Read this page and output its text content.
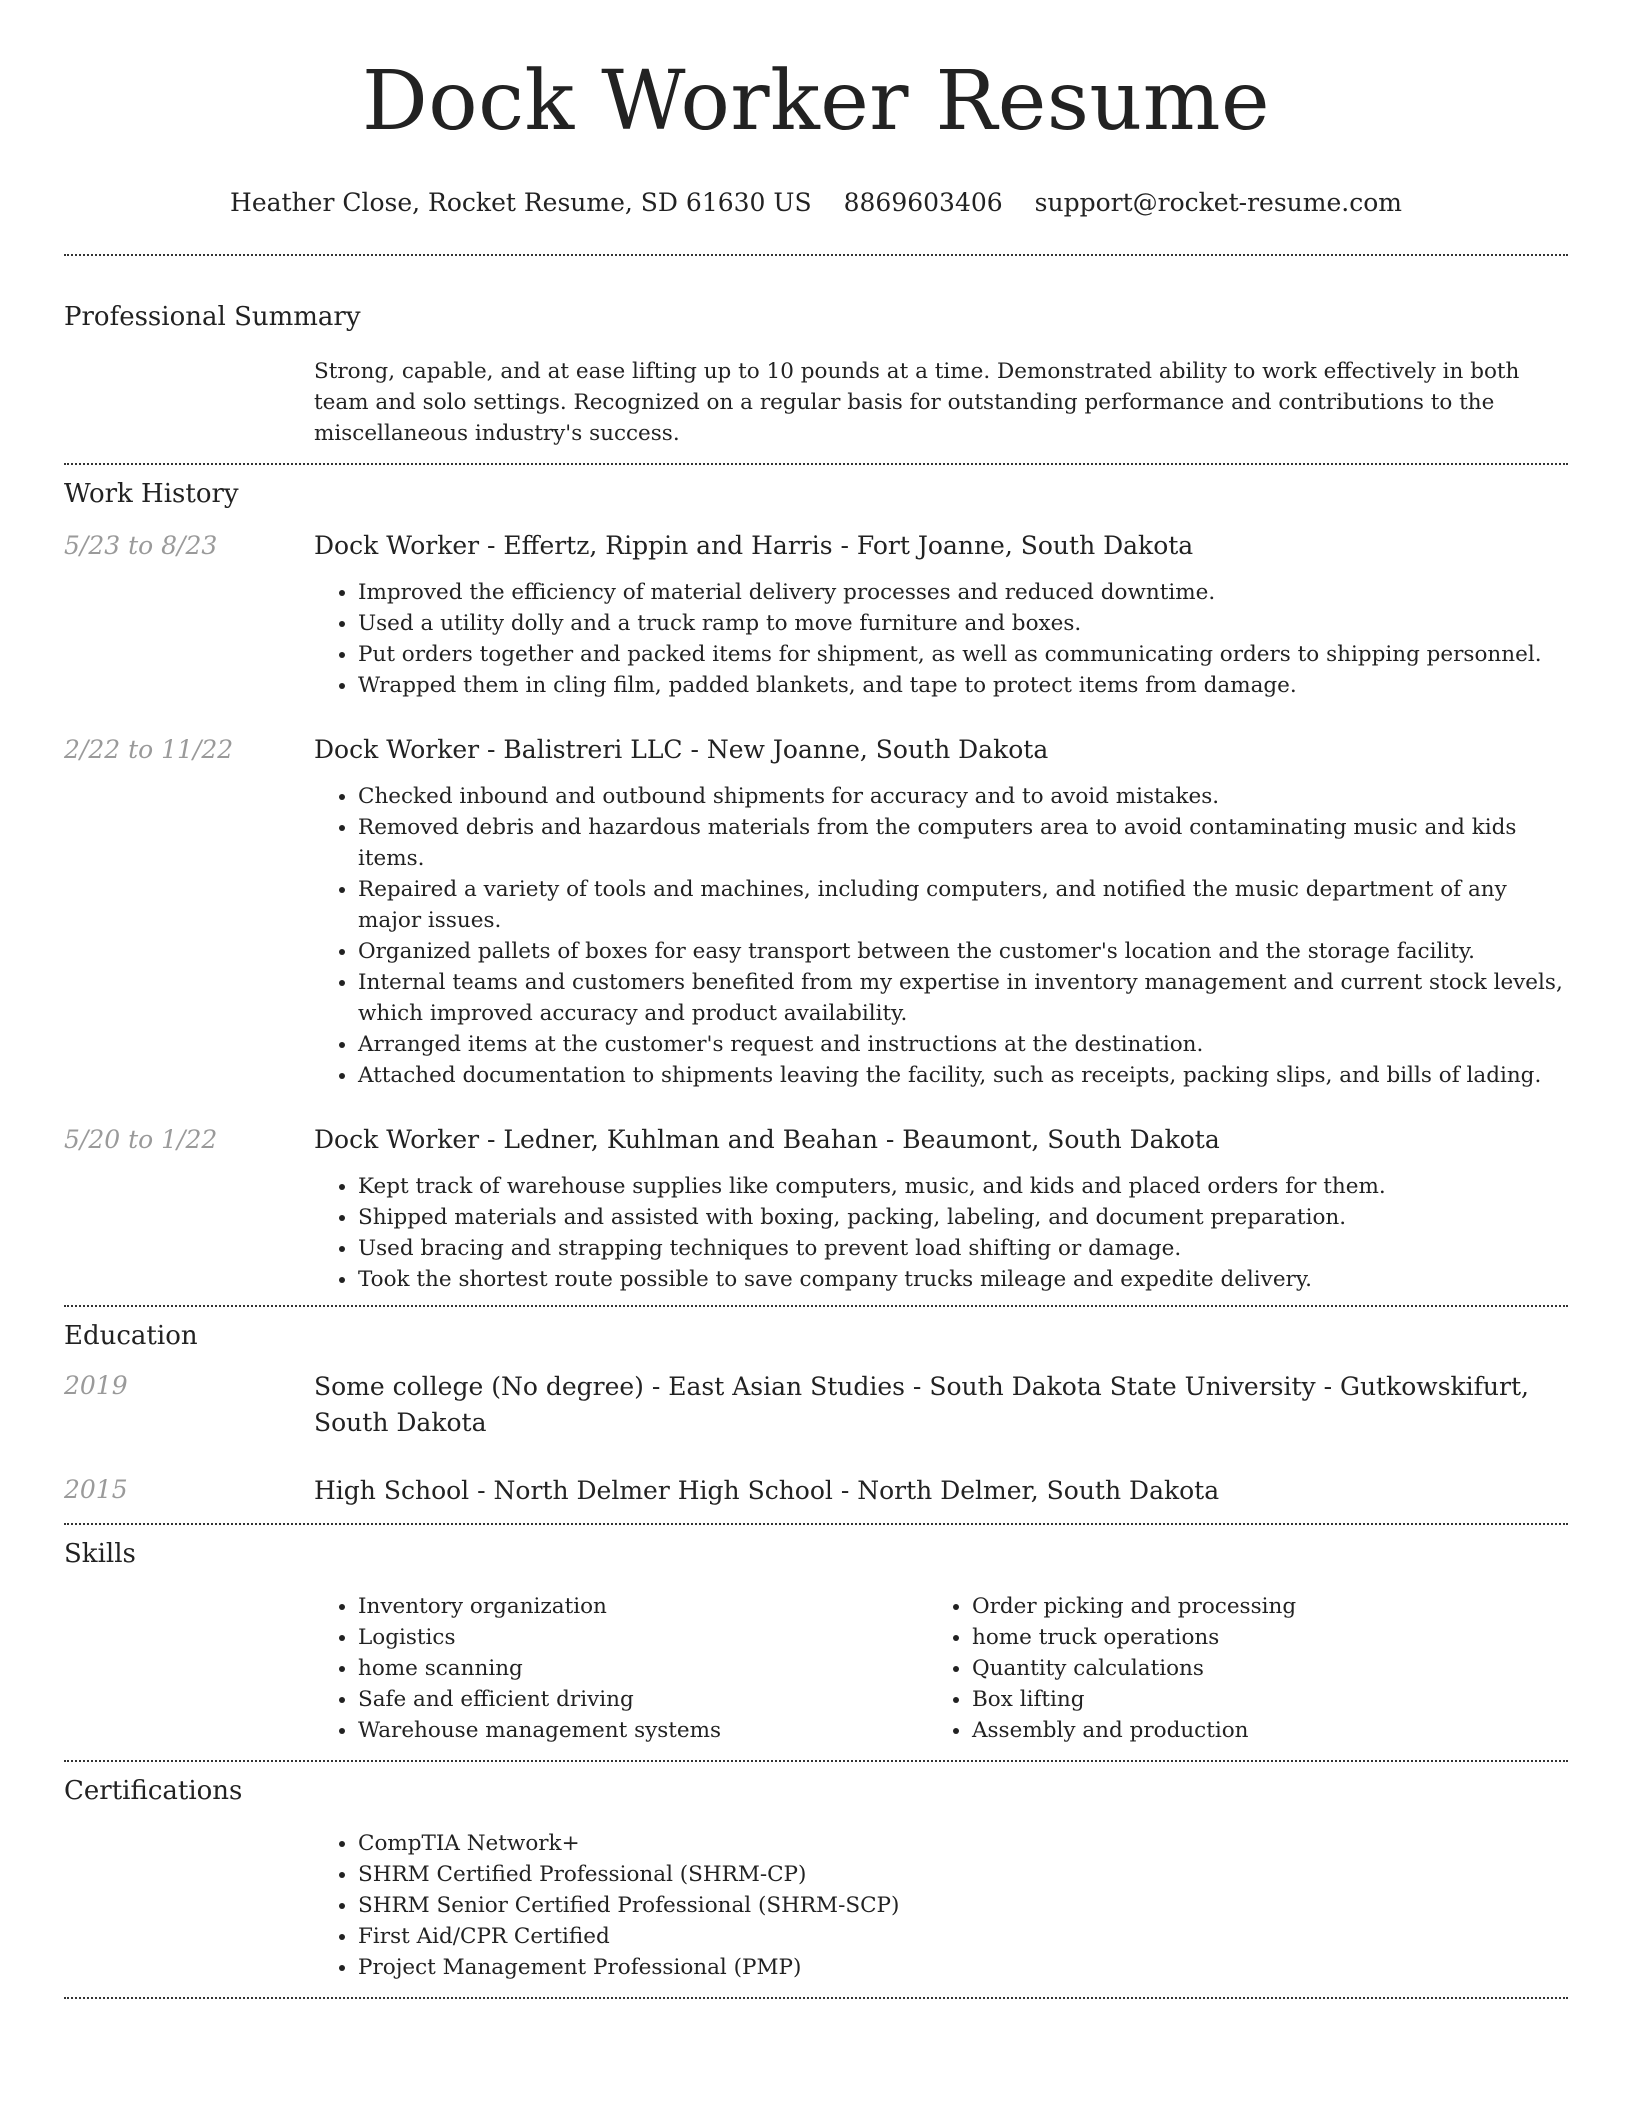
Dock Worker Resume
Heather Close, Rocket Resume, SD 61630 US 8869603406 support@rocket-resume.com
Professional Summary
Strong, capable, and at ease lifting up to 10 pounds at a time. Demonstrated ability to work effectively in both team and solo settings. Recognized on a regular basis for outstanding performance and contributions to the miscellaneous industry's success.
Work History
5/23 to 8/23	Dock Worker - Effertz, Rippin and Harris - Fort Joanne, South Dakota
• Improved the efficiency of material delivery processes and reduced downtime.
• Used a utility dolly and a truck ramp to move furniture and boxes.
• Put orders together and packed items for shipment, as well as communicating orders to shipping personnel.
• Wrapped them in cling film, padded blankets, and tape to protect items from damage.
2/22 to 11/22	Dock Worker - Balistreri LLC - New Joanne, South Dakota
• Checked inbound and outbound shipments for accuracy and to avoid mistakes.
• Removed debris and hazardous materials from the computers area to avoid contaminating music and kids items.
• Repaired a variety of tools and machines, including computers, and notified the music department of any major issues.
• Organized pallets of boxes for easy transport between the customer's location and the storage facility.
• Internal teams and customers benefited from my expertise in inventory management and current stock levels, which improved accuracy and product availability.
• Arranged items at the customer's request and instructions at the destination.
• Attached documentation to shipments leaving the facility, such as receipts, packing slips, and bills of lading.
5/20 to 1/22	Dock Worker - Ledner, Kuhlman and Beahan - Beaumont, South Dakota
• Kept track of warehouse supplies like computers, music, and kids and placed orders for them.
• Shipped materials and assisted with boxing, packing, labeling, and document preparation.
• Used bracing and strapping techniques to prevent load shifting or damage.
• Took the shortest route possible to save company trucks mileage and expedite delivery.
Education
2019	Some college (No degree) - East Asian Studies - South Dakota State University - Gutkowskifurt, South Dakota
2015	High School - North Delmer High School - North Delmer, South Dakota
Skills
• Inventory organization
• Logistics
• home scanning
• Safe and efficient driving
• Warehouse management systems
• Order picking and processing
• home truck operations
• Quantity calculations
• Box lifting
• Assembly and production
Certifications
• CompTIA Network+
• SHRM Certified Professional (SHRM-CP)
• SHRM Senior Certified Professional (SHRM-SCP)
• First Aid/CPR Certified
• Project Management Professional (PMP)
